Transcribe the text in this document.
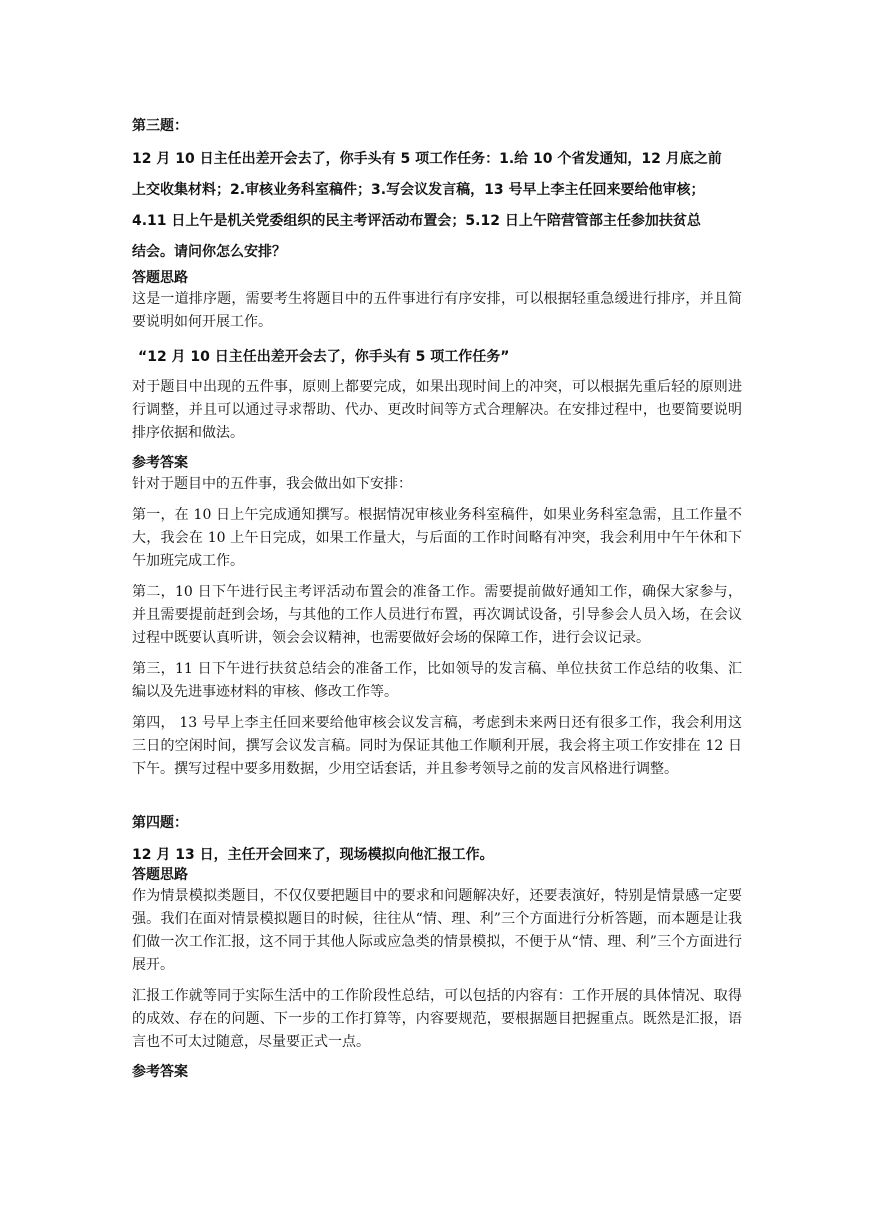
第三题：

12 月 10 日主任出差开会去了，你手头有 5 项工作任务：1.给 10 个省发通知，12 月底之前

上交收集材料；2.审核业务科室稿件；3.写会议发言稿，13 号早上李主任回来要给他审核；

4.11 日上午是机关党委组织的民主考评活动布置会；5.12 日上午陪营管部主任参加扶贫总

结会。请问你怎么安排？

答题思路

这是一道排序题，需要考生将题目中的五件事进行有序安排，可以根据轻重急缓进行排序，并且简要说明如何开展工作。

“12 月 10 日主任出差开会去了，你手头有 5 项工作任务”

对于题目中出现的五件事，原则上都要完成，如果出现时间上的冲突，可以根据先重后轻的原则进行调整，并且可以通过寻求帮助、代办、更改时间等方式合理解决。在安排过程中，也要简要说明排序依据和做法。

参考答案

针对于题目中的五件事，我会做出如下安排：

第一，在 10 日上午完成通知撰写。根据情况审核业务科室稿件，如果业务科室急需，且工作量不大，我会在 10 上午日完成，如果工作量大，与后面的工作时间略有冲突，我会利用中午午休和下午加班完成工作。

第二，10 日下午进行民主考评活动布置会的准备工作。需要提前做好通知工作，确保大家参与，并且需要提前赶到会场，与其他的工作人员进行布置，再次调试设备，引导参会人员入场，在会议过程中既要认真听讲，领会会议精神，也需要做好会场的保障工作，进行会议记录。

第三，11 日下午进行扶贫总结会的准备工作，比如领导的发言稿、单位扶贫工作总结的收集、汇编以及先进事迹材料的审核、修改工作等。

第四， 13 号早上李主任回来要给他审核会议发言稿，考虑到未来两日还有很多工作，我会利用这三日的空闲时间，撰写会议发言稿。同时为保证其他工作顺利开展，我会将主项工作安排在 12 日下午。撰写过程中要多用数据，少用空话套话，并且参考领导之前的发言风格进行调整。

第四题：

12 月 13 日，主任开会回来了，现场模拟向他汇报工作。

答题思路

作为情景模拟类题目，不仅仅要把题目中的要求和问题解决好，还要表演好，特别是情景感一定要强。我们在面对情景模拟题目的时候，往往从“情、理、利”三个方面进行分析答题，而本题是让我们做一次工作汇报，这不同于其他人际或应急类的情景模拟，不便于从“情、理、利”三个方面进行展开。

汇报工作就等同于实际生活中的工作阶段性总结，可以包括的内容有：工作开展的具体情况、取得的成效、存在的问题、下一步的工作打算等，内容要规范，要根据题目把握重点。既然是汇报，语言也不可太过随意，尽量要正式一点。

参考答案
